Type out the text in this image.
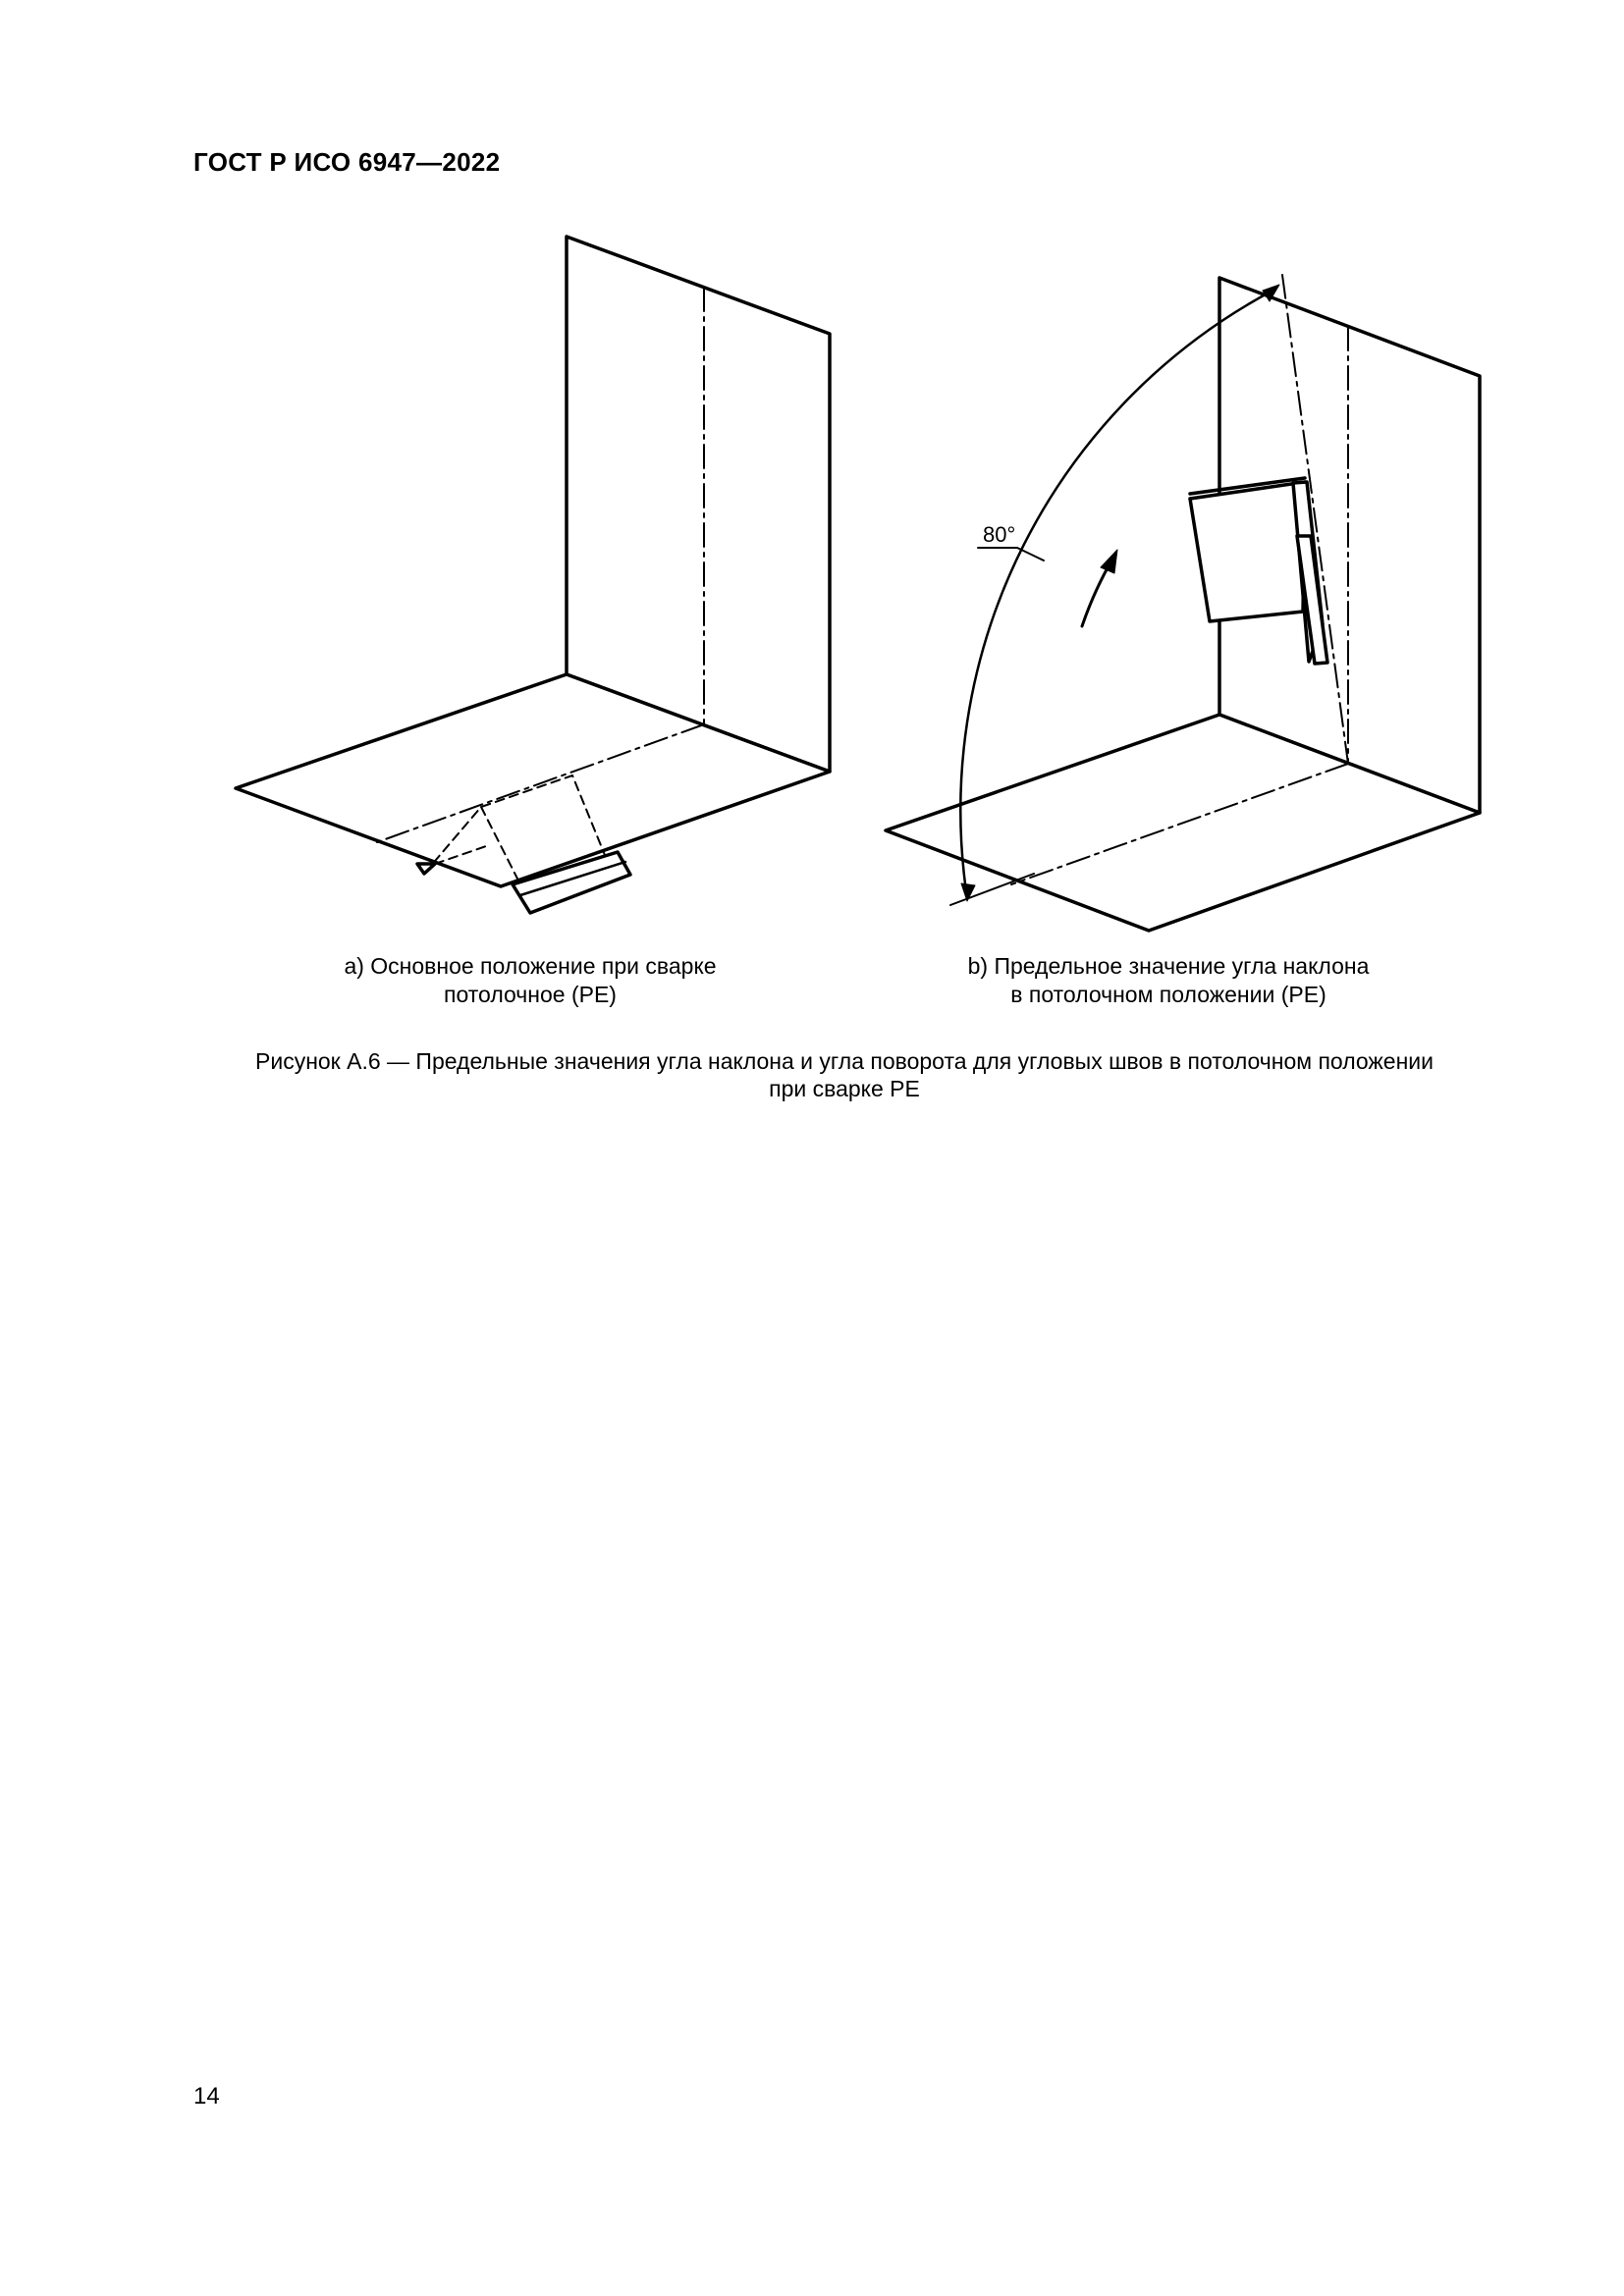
ГОСТ Р ИСО 6947—2022
80°
a) Основное положение при сварке
потолочное (PE)
b) Предельное значение угла наклона
в потолочном положении (PE)
Рисунок А.6 — Предельные значения угла наклона и угла поворота для угловых швов в потолочном положении
при сварке PE
14
